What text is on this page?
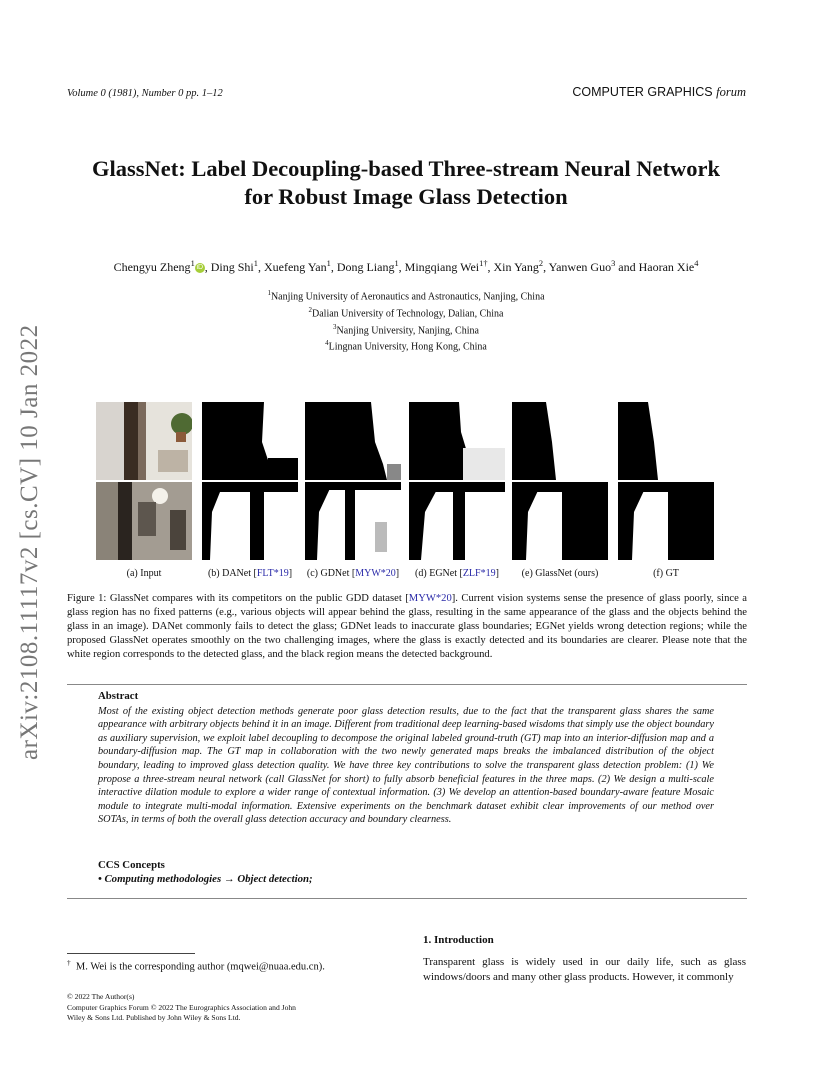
Volume 0 (1981), Number 0 pp. 1–12	COMPUTER GRAPHICS forum
arXiv:2108.11117v2 [cs.CV] 10 Jan 2022
GlassNet: Label Decoupling-based Three-stream Neural Network
for Robust Image Glass Detection
Chengyu Zheng$^1$ iD , Ding Shi$^1$, Xuefeng Yan$^1$, Dong Liang$^1$, Mingqiang Wei$^{1\dagger}$, Xin Yang$^2$, Yanwen Guo$^3$ and Haoran Xie$^4$
$^1$Nanjing University of Aeronautics and Astronautics, Nanjing, China
$^2$Dalian University of Technology, Dalian, China
$^3$Nanjing University, Nanjing, China
$^4$Lingnan University, Hong Kong, China
(a) Input	(b) DANet [FLT*19]	(c) GDNet [MYW*20]	(d) EGNet [ZLF*19]	(e) GlassNet (ours)	(f) GT
Figure 1: GlassNet compares with its competitors on the public GDD dataset [MYW*20]. Current vision systems sense the presence of glass poorly, since a glass region has no fixed patterns (e.g., various objects will appear behind the glass, resulting in the same appearance of the glass and the objects behind the glass in an image). DANet commonly fails to detect the glass; GDNet leads to inaccurate glass boundaries; EGNet yields wrong detection regions; while the proposed GlassNet operates smoothly on the two challenging images, where the glass is exactly detected and its boundaries are clearer. Please note that the white region corresponds to the detected glass, and the black region means the detected background.
Abstract

Most of the existing object detection methods generate poor glass detection results, due to the fact that the transparent glass shares the same appearance with arbitrary objects behind it in an image. Different from traditional deep learning-based wisdoms that simply use the object boundary as auxiliary supervision, we exploit label decoupling to decompose the original labeled ground-truth (GT) map into an interior-diffusion map and a boundary-diffusion map. The GT map in collaboration with the two newly generated maps breaks the imbalanced distribution of the object boundary, leading to improved glass detection quality. We have three key contributions to solve the transparent glass detection problem: (1) We propose a three-stream neural network (call GlassNet for short) to fully absorb beneficial features in the three maps. (2) We design a multi-scale interactive dilation module to explore a wider range of contextual information. (3) We develop an attention-based boundary-aware feature Mosaic module to integrate multi-modal information. Extensive experiments on the benchmark dataset exhibit clear improvements of our method over SOTAs, in terms of both the overall glass detection accuracy and boundary clearness.

CCS Concepts
• Computing methodologies → Object detection;
† M. Wei is the corresponding author (mqwei@nuaa.edu.cn).
© 2022 The Author(s)
Computer Graphics Forum © 2022 The Eurographics Association and John
Wiley & Sons Ltd. Published by John Wiley & Sons Ltd.
1. Introduction
Transparent glass is widely used in our daily life, such as glass windows/doors and many other glass products. However, it commonly
